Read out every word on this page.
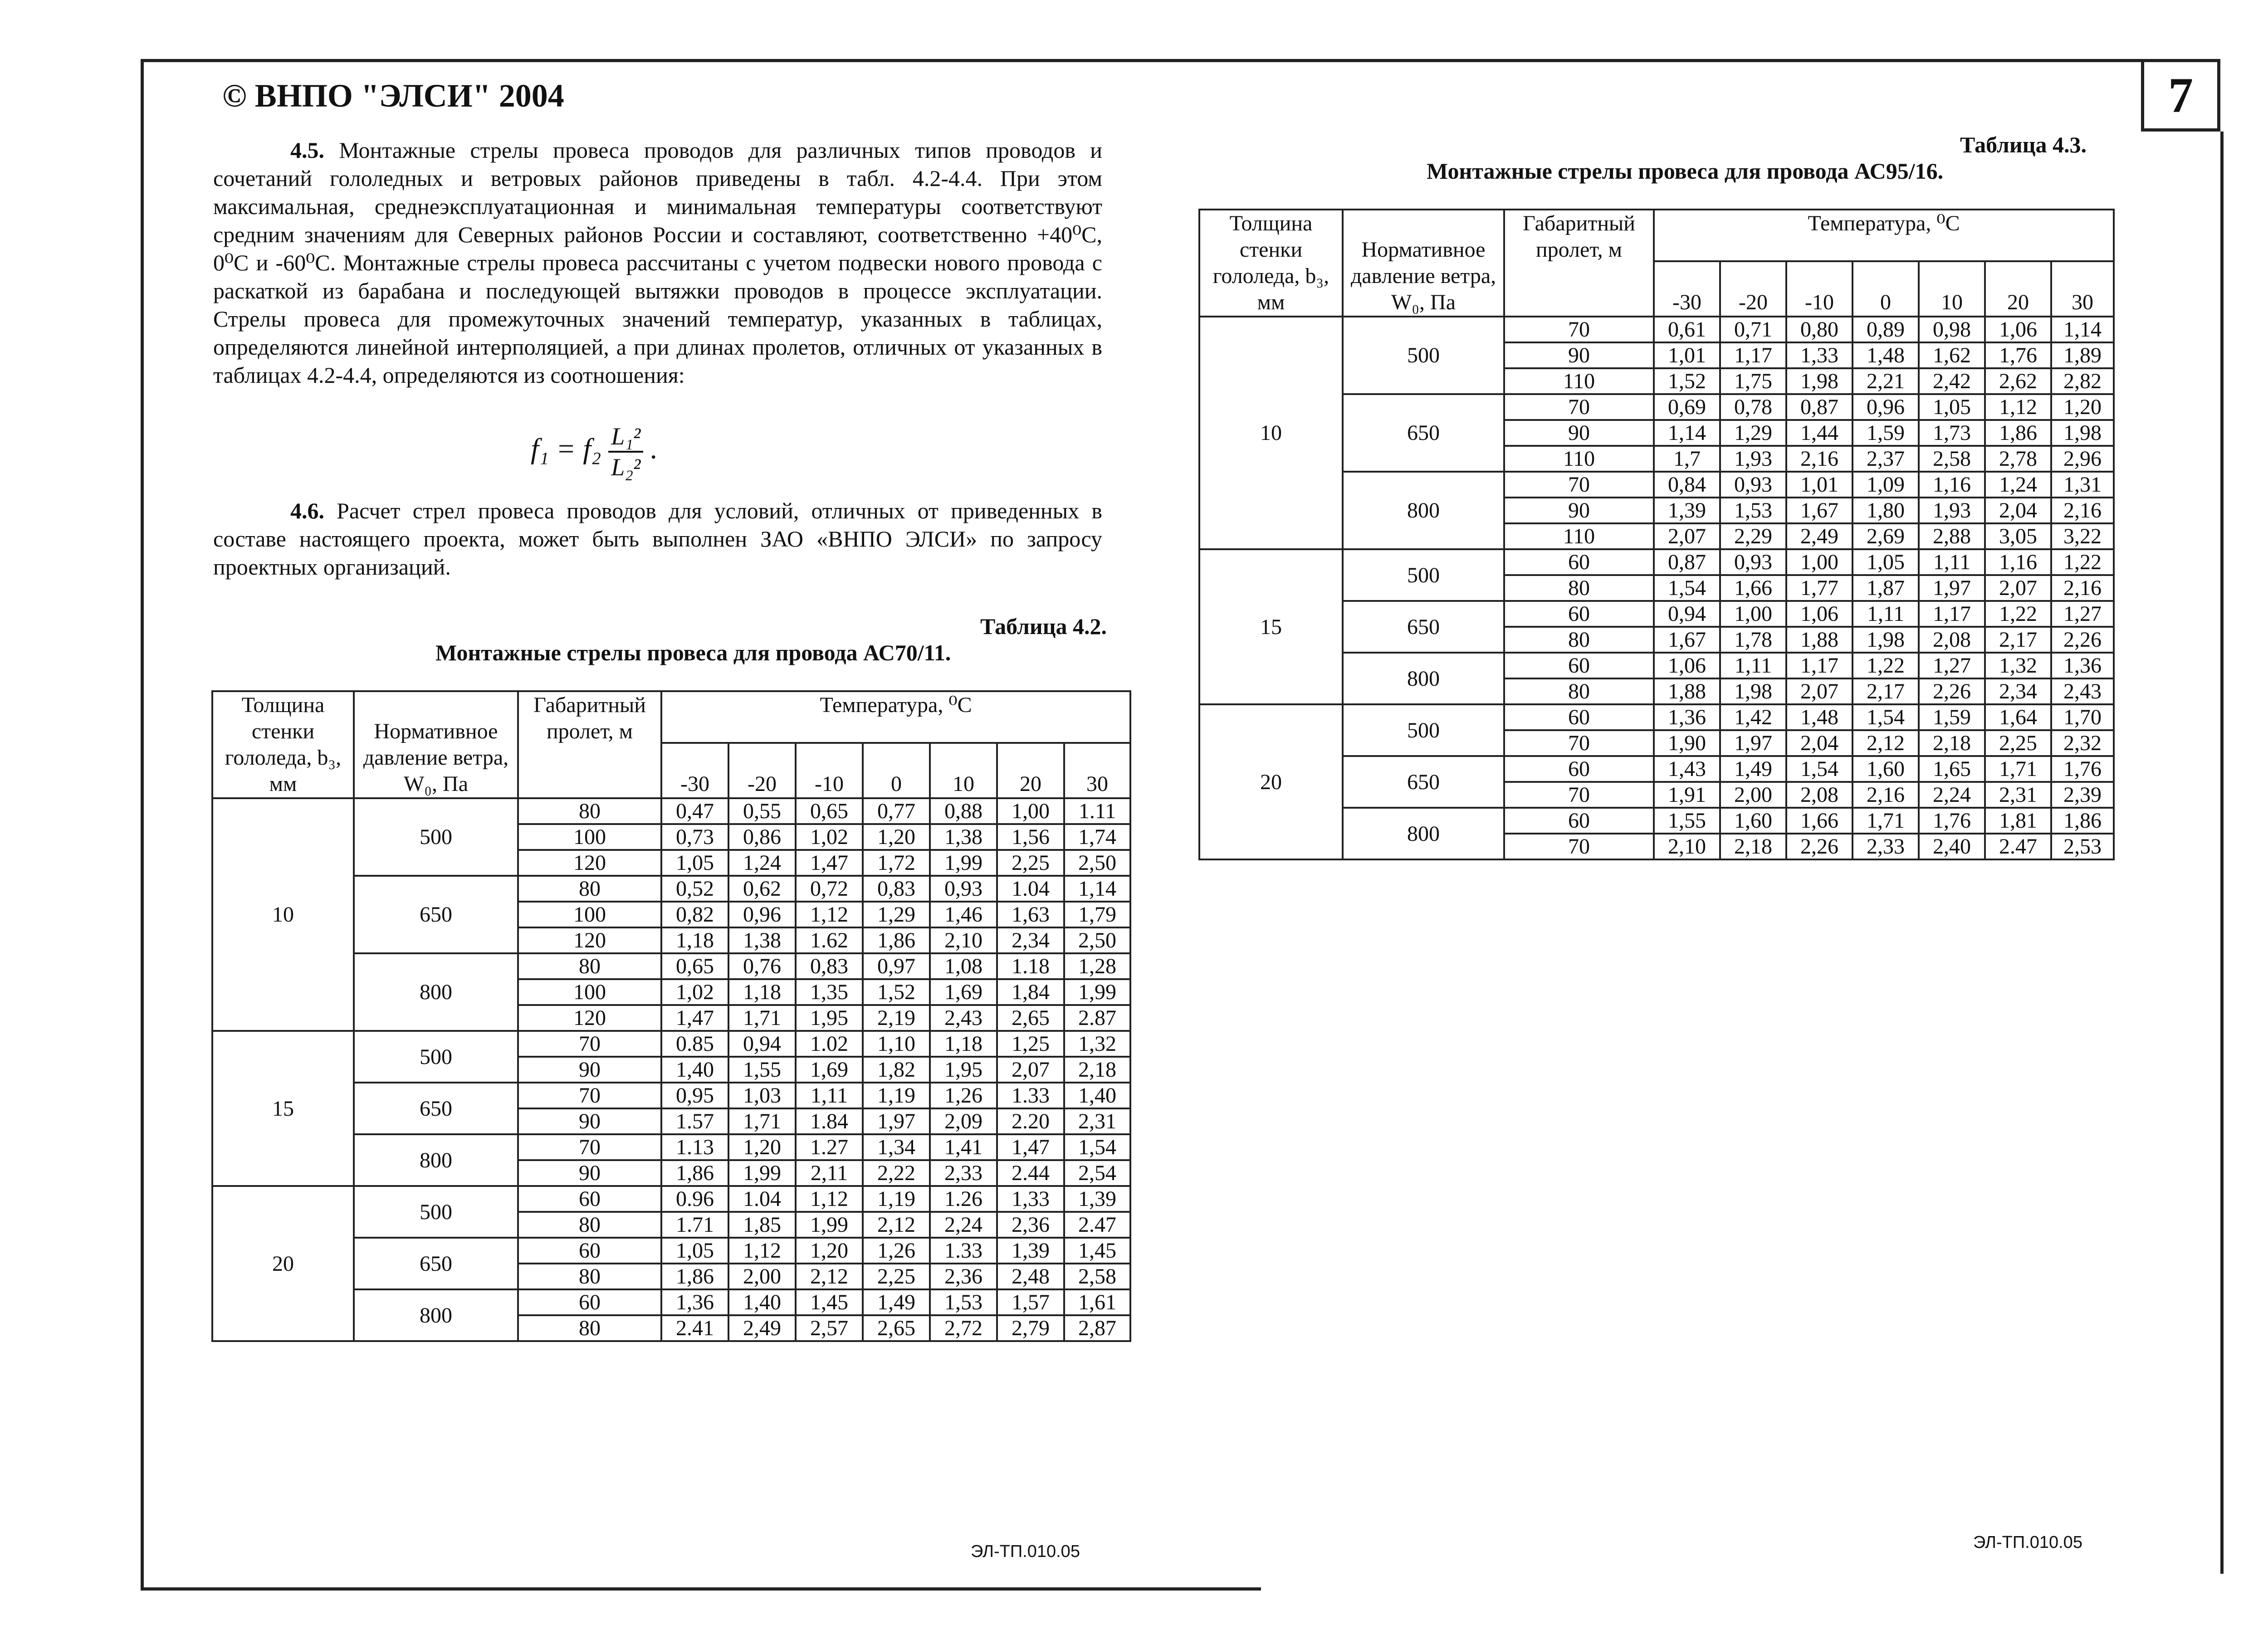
7
© ВНПО "ЭЛСИ" 2004
4.5. Монтажные стрелы провеса проводов для различных типов проводов и сочетаний гололедных и ветровых районов приведены в табл. 4.2-4.4. При этом максимальная, среднеэксплуатационная и минимальная температуры соответствуют средним значениям для Северных районов России и составляют, соответственно +40⁰C, 0⁰C и -60⁰C. Монтажные стрелы провеса рассчитаны с учетом подвески нового провода с раскаткой из барабана и последующей вытяжки проводов в процессе эксплуатации. Стрелы провеса для промежуточных значений температур, указанных в таблицах, определяются линейной интерполяцией, а при длинах пролетов, отличных от указанных в таблицах 4.2-4.4, определяются из соотношения:
$f_1 = f_2 \frac{\text{L₁²}}{\text{L₂²}}$ .
4.6. Расчет стрел провеса проводов для условий, отличных от приведенных в составе настоящего проекта, может быть выполнен ЗАО «ВНПО ЭЛСИ» по запросу проектных организаций.
Таблица 4.2.
Монтажные стрелы провеса для провода АС70/11.
Толщина стенки гололеда, b₃, мм	Нормативное давление ветра, W₀, Па	Габаритный пролет, м	Температура, ⁰C						
			-30	-20	-10	0	10	20	30
10	500	80	0,47	0,55	0,65	0,77	0,88	1,00	1.11
		100	0,73	0,86	1,02	1,20	1,38	1,56	1,74
		120	1,05	1,24	1,47	1,72	1,99	2,25	2,50
	650	80	0,52	0,62	0,72	0,83	0,93	1.04	1,14
		100	0,82	0,96	1,12	1,29	1,46	1,63	1,79
		120	1,18	1,38	1.62	1,86	2,10	2,34	2,50
	800	80	0,65	0,76	0,83	0,97	1,08	1.18	1,28
		100	1,02	1,18	1,35	1,52	1,69	1,84	1,99
		120	1,47	1,71	1,95	2,19	2,43	2,65	2.87
15	500	70	0.85	0,94	1.02	1,10	1,18	1,25	1,32
		90	1,40	1,55	1,69	1,82	1,95	2,07	2,18
	650	70	0,95	1,03	1,11	1,19	1,26	1.33	1,40
		90	1.57	1,71	1.84	1,97	2,09	2.20	2,31
	800	70	1.13	1,20	1.27	1,34	1,41	1,47	1,54
		90	1,86	1,99	2,11	2,22	2,33	2.44	2,54
20	500	60	0.96	1.04	1,12	1,19	1.26	1,33	1,39
		80	1.71	1,85	1,99	2,12	2,24	2,36	2.47
	650	60	1,05	1,12	1,20	1,26	1.33	1,39	1,45
		80	1,86	2,00	2,12	2,25	2,36	2,48	2,58
	800	60	1,36	1,40	1,45	1,49	1,53	1,57	1,61
		80	2.41	2,49	2,57	2,65	2,72	2,79	2,87
Таблица 4.3.
Монтажные стрелы провеса для провода АС95/16.
Толщина стенки гололеда, b₃, мм	Нормативное давление ветра, W₀, Па	Габаритный пролет, м	Температура, ⁰C						
			-30	-20	-10	0	10	20	30
10	500	70	0,61	0,71	0,80	0,89	0,98	1,06	1,14
		90	1,01	1,17	1,33	1,48	1,62	1,76	1,89
		110	1,52	1,75	1,98	2,21	2,42	2,62	2,82
	650	70	0,69	0,78	0,87	0,96	1,05	1,12	1,20
		90	1,14	1,29	1,44	1,59	1,73	1,86	1,98
		110	1,7	1,93	2,16	2,37	2,58	2,78	2,96
	800	70	0,84	0,93	1,01	1,09	1,16	1,24	1,31
		90	1,39	1,53	1,67	1,80	1,93	2,04	2,16
		110	2,07	2,29	2,49	2,69	2,88	3,05	3,22
15	500	60	0,87	0,93	1,00	1,05	1,11	1,16	1,22
		80	1,54	1,66	1,77	1,87	1,97	2,07	2,16
	650	60	0,94	1,00	1,06	1,11	1,17	1,22	1,27
		80	1,67	1,78	1,88	1,98	2,08	2,17	2,26
	800	60	1,06	1,11	1,17	1,22	1,27	1,32	1,36
		80	1,88	1,98	2,07	2,17	2,26	2,34	2,43
20	500	60	1,36	1,42	1,48	1,54	1,59	1,64	1,70
		70	1,90	1,97	2,04	2,12	2,18	2,25	2,32
	650	60	1,43	1,49	1,54	1,60	1,65	1,71	1,76
		70	1,91	2,00	2,08	2,16	2,24	2,31	2,39
	800	60	1,55	1,60	1,66	1,71	1,76	1,81	1,86
		70	2,10	2,18	2,26	2,33	2,40	2.47	2,53
ЭЛ-ТП.010.05	ЭЛ-ТП.010.05
